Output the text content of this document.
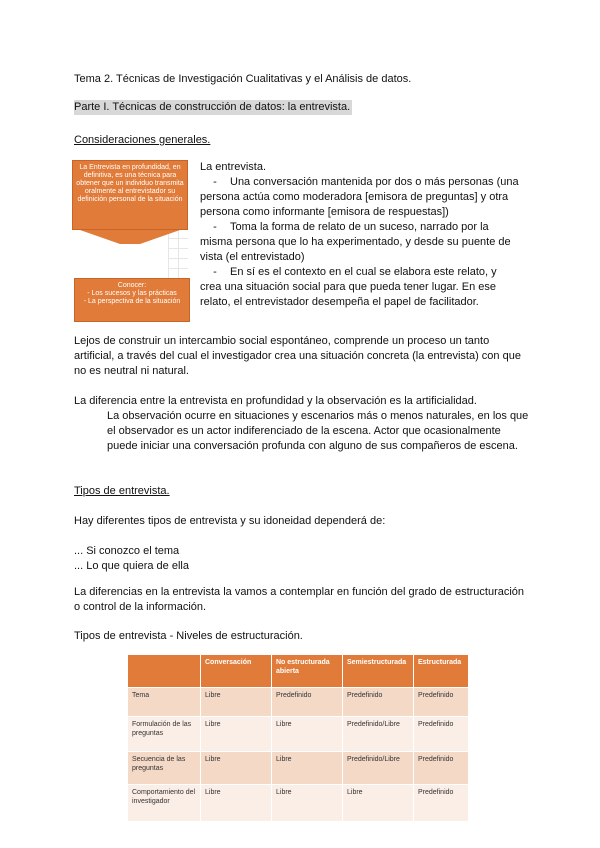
Tema 2. Técnicas de Investigación Cualitativas y el Análisis de datos.
Parte I. Técnicas de construcción de datos: la entrevista.
Consideraciones generales.
La Entrevista en profundidad, en definitiva, es una técnica para obtener que un individuo transmita oralmente al entrevistador su definición personal de la situación
Conocer:
- Los sucesos y las prácticas
- La perspectiva de la situación
La entrevista.
- Una conversación mantenida por dos o más personas (una persona actúa como moderadora [emisora de preguntas] y otra persona como informante [emisora de respuestas])
- Toma la forma de relato de un suceso, narrado por la misma persona que lo ha experimentado, y desde su puente de vista (el entrevistado)
- En sí es el contexto en el cual se elabora este relato, y crea una situación social para que pueda tener lugar. En ese relato, el entrevistador desempeña el papel de facilitador.
Lejos de construir un intercambio social espontáneo, comprende un proceso un tanto artificial, a través del cual el investigador crea una situación concreta (la entrevista) con que no es neutral ni natural.
La diferencia entre la entrevista en profundidad y la observación es la artificialidad.
La observación ocurre en situaciones y escenarios más o menos naturales, en los que el observador es un actor indiferenciado de la escena. Actor que ocasionalmente puede iniciar una conversación profunda con alguno de sus compañeros de escena.
Tipos de entrevista.
Hay diferentes tipos de entrevista y su idoneidad dependerá de:
... Si conozco el tema
... Lo que quiera de ella
La diferencias en la entrevista la vamos a contemplar en función del grado de estructuración o control de la información.
Tipos de entrevista - Niveles de estructuración.
	Conversación	No estructurada abierta	Semiestructurada	Estructurada
Tema	Libre	Predefinido	Predefinido	Predefinido
Formulación de las preguntas	Libre	Libre	Predefinido/Libre	Predefinido
Secuencia de las preguntas	Libre	Libre	Predefinido/Libre	Predefinido
Comportamiento del investigador	Libre	Libre	Libre	Predefinido
